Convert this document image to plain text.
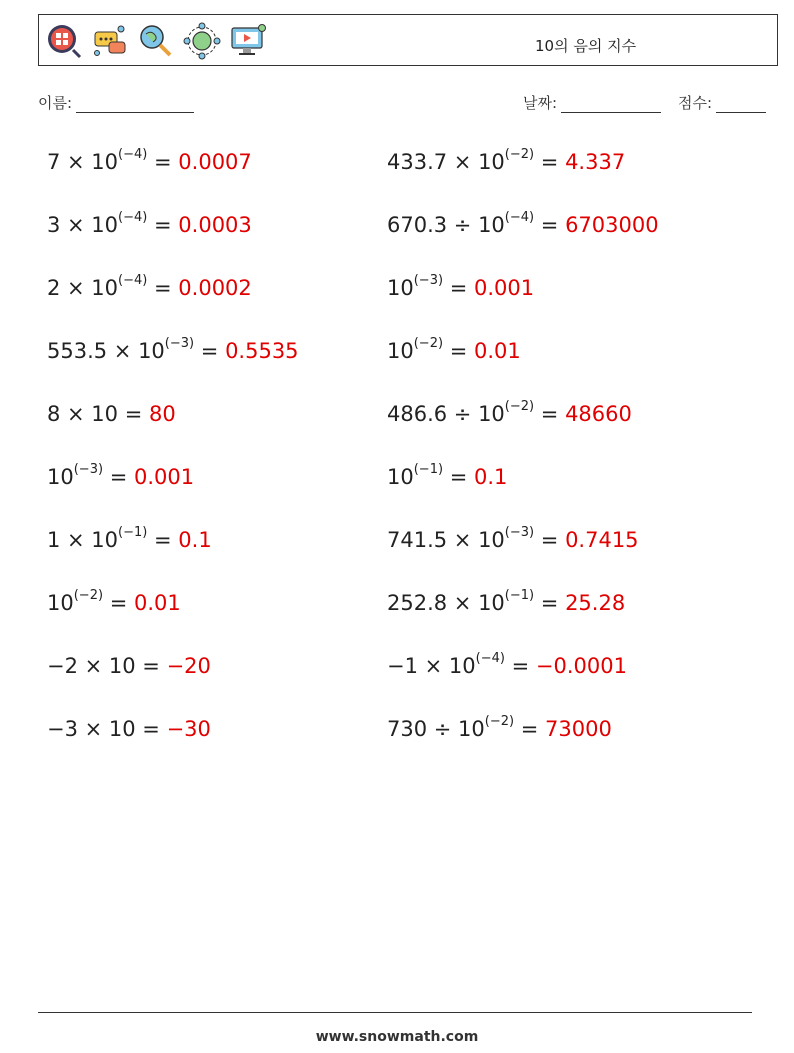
10의 음의 지수
이름:	날짜:	점수:
$7 \times 10^{(-4)} = 0.0007$	$433.7 \times 10^{(-2)} = 4.337$
$3 \times 10^{(-4)} = 0.0003$	$670.3 \div 10^{(-4)} = 6703000$
$2 \times 10^{(-4)} = 0.0002$	$10^{(-3)} = 0.001$
$553.5 \times 10^{(-3)} = 0.5535$	$10^{(-2)} = 0.01$
8 × 10 = 80	$486.6 \div 10^{(-2)} = 48660$
$10^{(-3)} = 0.001$	$10^{(-1)} = 0.1$
$1 \times 10^{(-1)} = 0.1$	$741.5 \times 10^{(-3)} = 0.7415$
$10^{(-2)} = 0.01$	$252.8 \times 10^{(-1)} = 25.28$
−2 × 10 = −20	$-1 \times 10^{(-4)} = -0.0001$
−3 × 10 = −30	$730 \div 10^{(-2)} = 73000$
www.snowmath.com
